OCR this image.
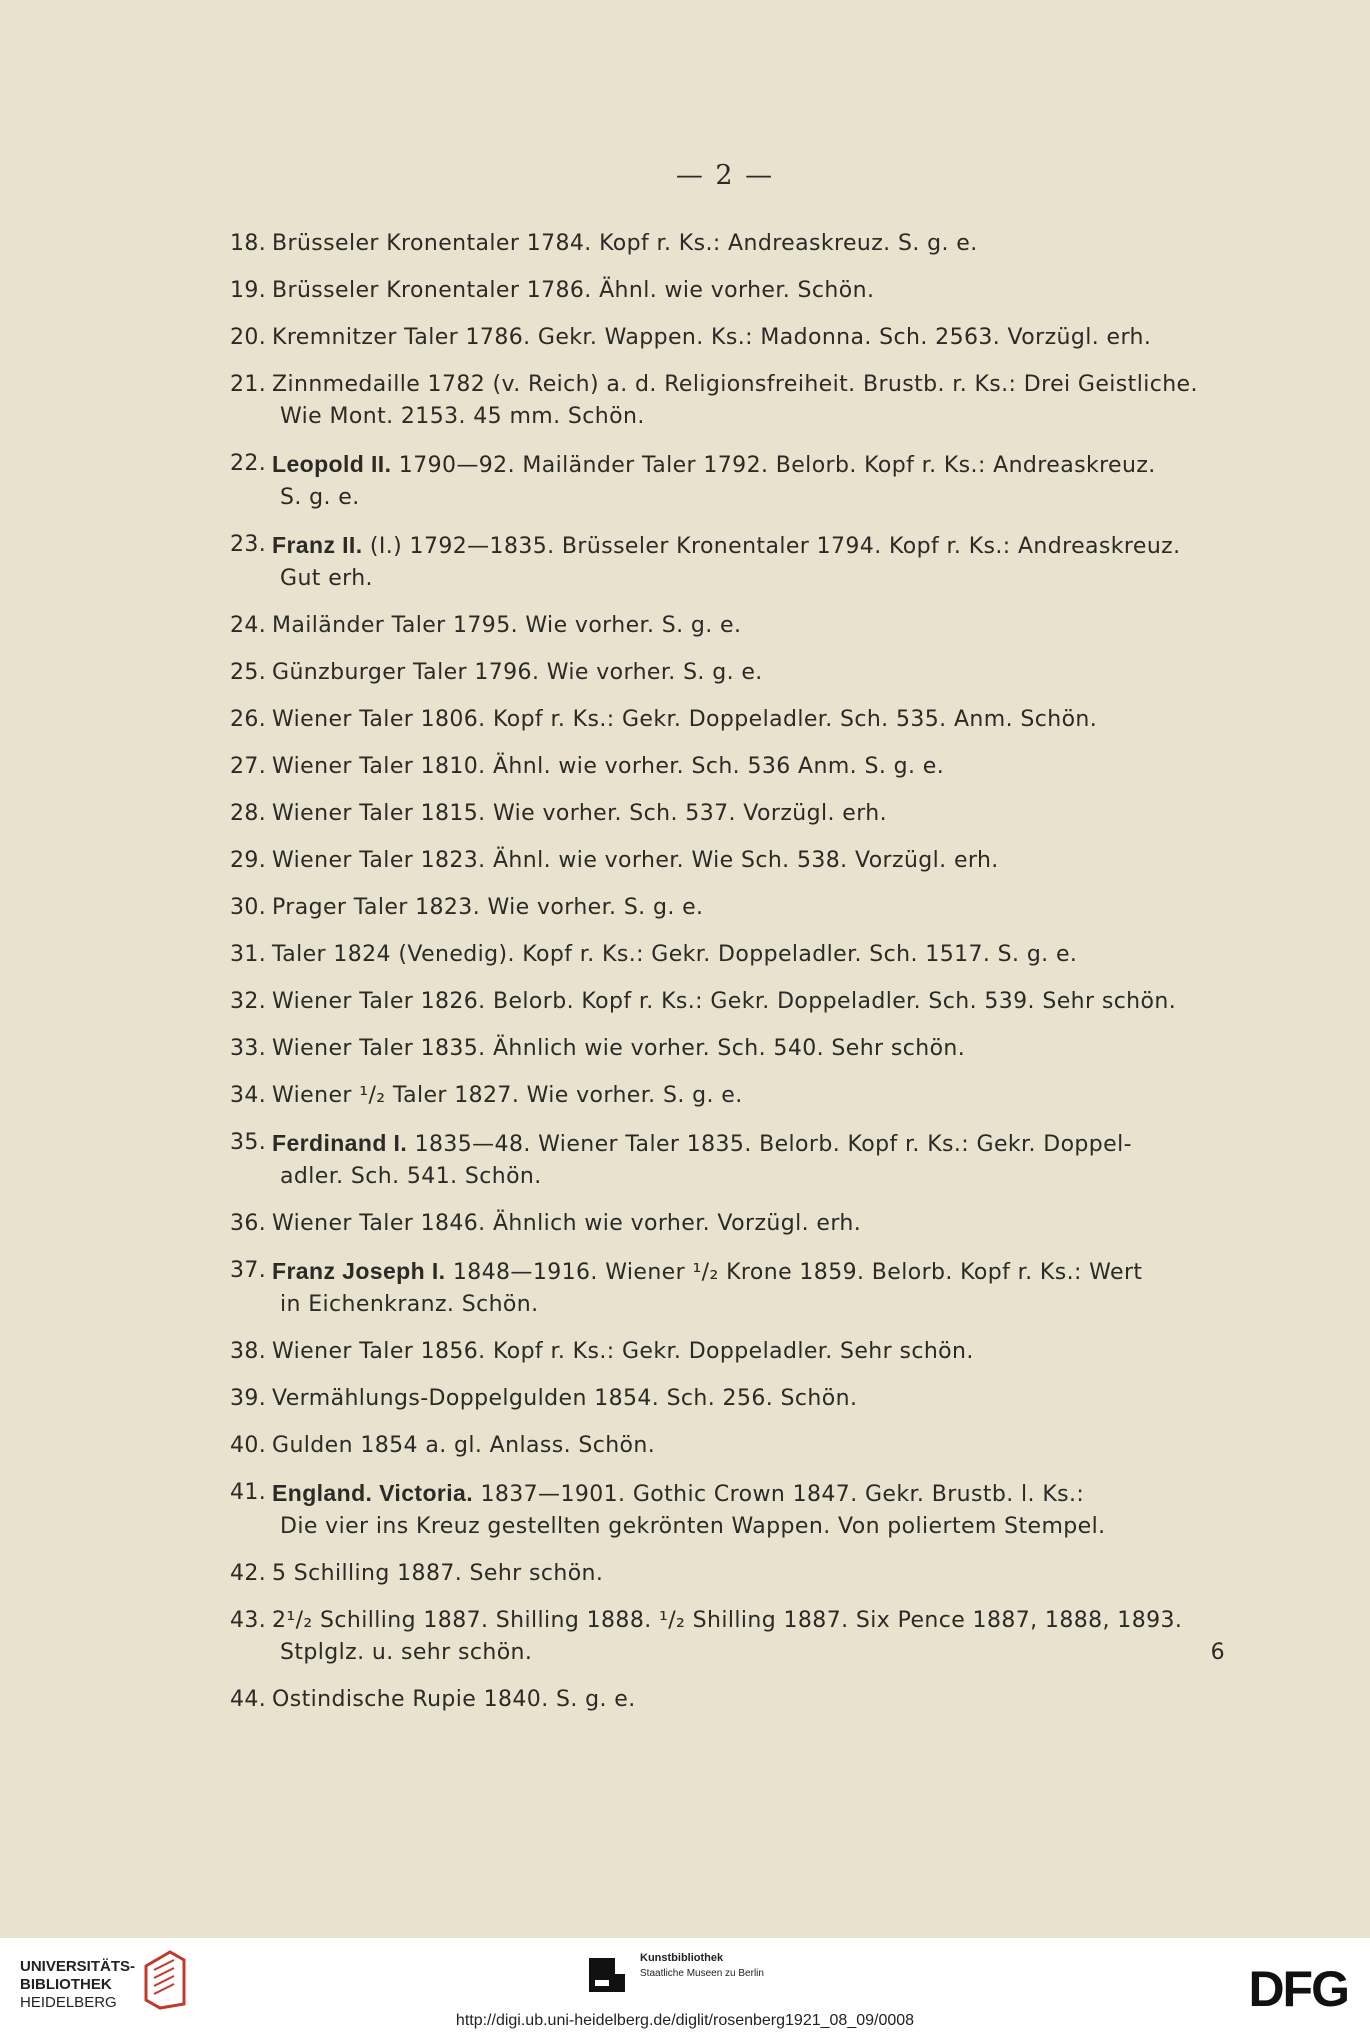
— 2 —
18. Brüsseler Kronentaler 1784. Kopf r. Ks.: Andreaskreuz. S. g. e.
19. Brüsseler Kronentaler 1786. Ähnl. wie vorher. Schön.
20. Kremnitzer Taler 1786. Gekr. Wappen. Ks.: Madonna. Sch. 2563. Vorzügl. erh.
21. Zinnmedaille 1782 (v. Reich) a. d. Religionsfreiheit. Brustb. r. Ks.: Drei Geistliche.
Wie Mont. 2153. 45 mm. Schön.
22. Leopold II. 1790—92. Mailänder Taler 1792. Belorb. Kopf r. Ks.: Andreaskreuz.
S. g. e.
23. Franz II. (I.) 1792—1835. Brüsseler Kronentaler 1794. Kopf r. Ks.: Andreaskreuz.
Gut erh.
24. Mailänder Taler 1795. Wie vorher. S. g. e.
25. Günzburger Taler 1796. Wie vorher. S. g. e.
26. Wiener Taler 1806. Kopf r. Ks.: Gekr. Doppeladler. Sch. 535. Anm. Schön.
27. Wiener Taler 1810. Ähnl. wie vorher. Sch. 536 Anm. S. g. e.
28. Wiener Taler 1815. Wie vorher. Sch. 537. Vorzügl. erh.
29. Wiener Taler 1823. Ähnl. wie vorher. Wie Sch. 538. Vorzügl. erh.
30. Prager Taler 1823. Wie vorher. S. g. e.
31. Taler 1824 (Venedig). Kopf r. Ks.: Gekr. Doppeladler. Sch. 1517. S. g. e.
32. Wiener Taler 1826. Belorb. Kopf r. Ks.: Gekr. Doppeladler. Sch. 539. Sehr schön.
33. Wiener Taler 1835. Ähnlich wie vorher. Sch. 540. Sehr schön.
34. Wiener ¹/₂ Taler 1827. Wie vorher. S. g. e.
35. Ferdinand I. 1835—48. Wiener Taler 1835. Belorb. Kopf r. Ks.: Gekr. Doppel-
adler. Sch. 541. Schön.
36. Wiener Taler 1846. Ähnlich wie vorher. Vorzügl. erh.
37. Franz Joseph I. 1848—1916. Wiener ¹/₂ Krone 1859. Belorb. Kopf r. Ks.: Wert
in Eichenkranz. Schön.
38. Wiener Taler 1856. Kopf r. Ks.: Gekr. Doppeladler. Sehr schön.
39. Vermählungs-Doppelgulden 1854. Sch. 256. Schön.
40. Gulden 1854 a. gl. Anlass. Schön.
41. England. Victoria. 1837—1901. Gothic Crown 1847. Gekr. Brustb. l. Ks.:
Die vier ins Kreuz gestellten gekrönten Wappen. Von poliertem Stempel.
42. 5 Schilling 1887. Sehr schön.
43. 2¹/₂ Schilling 1887. Shilling 1888. ¹/₂ Shilling 1887. Six Pence 1887, 1888, 1893.
Stplglz. u. sehr schön.	6
44. Ostindische Rupie 1840. S. g. e.
UNIVERSITÄTS-
BIBLIOTHEK
HEIDELBERG
Kunstbibliothek
Staatliche Museen zu Berlin	DFG
http://digi.ub.uni-heidelberg.de/diglit/rosenberg1921_08_09/0008
